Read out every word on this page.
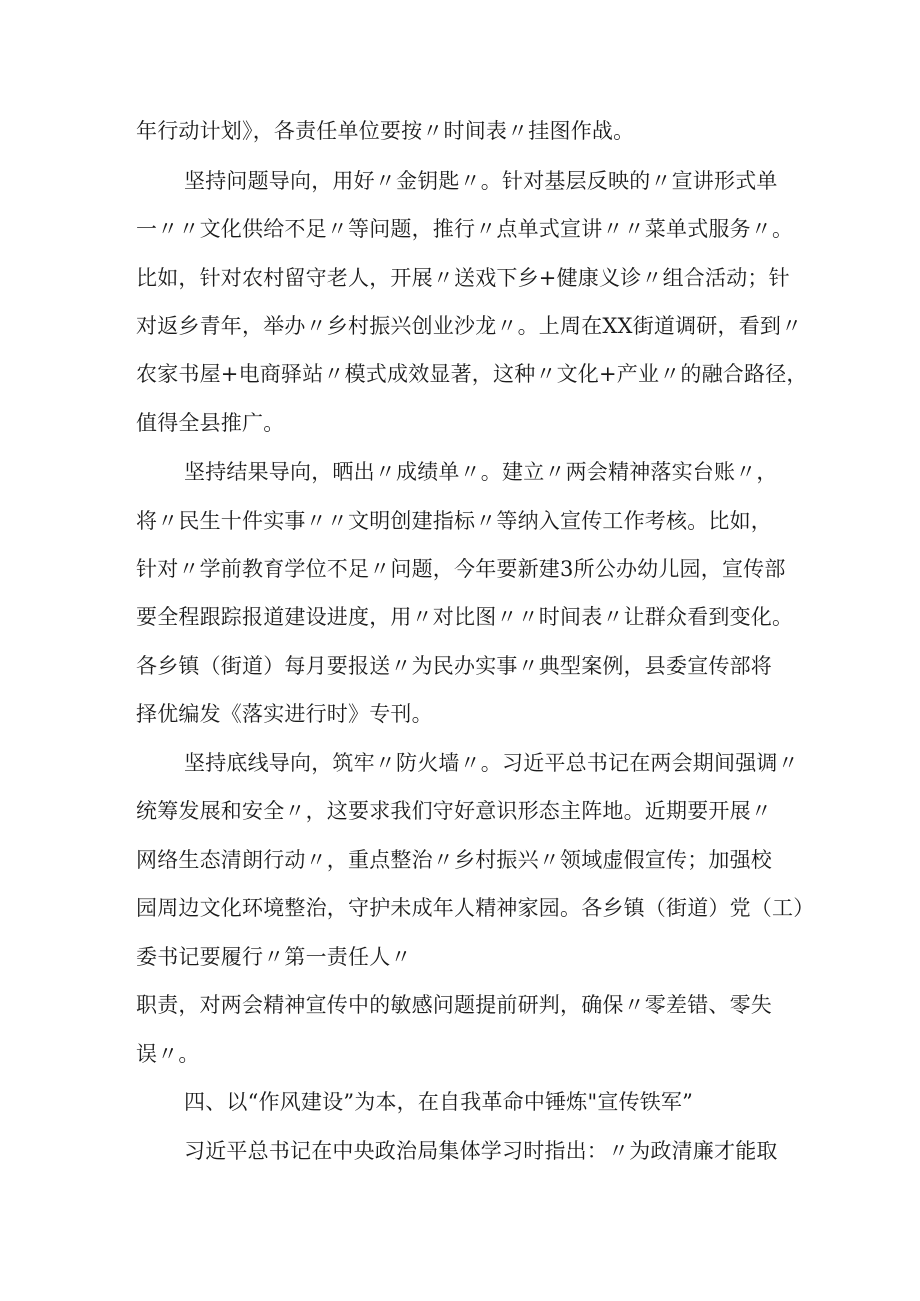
年行动计划》，各责任单位要按〃时间表〃挂图作战。
坚持问题导向，用好〃金钥匙〃。针对基层反映的〃宣讲形式单
一〃〃文化供给不足〃等问题，推行〃点单式宣讲〃〃菜单式服务〃。
比如，针对农村留守老人，开展〃送戏下乡+健康义诊〃组合活动；针
对返乡青年，举办〃乡村振兴创业沙龙〃。上周在XX街道调研，看到〃
农家书屋+电商驿站〃模式成效显著，这种〃文化+产业〃的融合路径，
值得全县推广。
坚持结果导向，晒出〃成绩单〃。建立〃两会精神落实台账〃，
将〃民生十件实事〃〃文明创建指标〃等纳入宣传工作考核。比如，
针对〃学前教育学位不足〃问题，今年要新建3所公办幼儿园，宣传部
要全程跟踪报道建设进度，用〃对比图〃〃时间表〃让群众看到变化。
各乡镇（街道）每月要报送〃为民办实事〃典型案例，县委宣传部将
择优编发《落实进行时》专刊。
坚持底线导向，筑牢〃防火墙〃。习近平总书记在两会期间强调〃
统筹发展和安全〃，这要求我们守好意识形态主阵地。近期要开展〃
网络生态清朗行动〃，重点整治〃乡村振兴〃领域虚假宣传；加强校
园周边文化环境整治，守护未成年人精神家园。各乡镇（街道）党（工）
委书记要履行〃第一责任人〃
职责，对两会精神宣传中的敏感问题提前研判，确保〃零差错、零失
误〃。
四、以“作风建设”为本，在自我革命中锤炼"宣传铁军”
习近平总书记在中央政治局集体学习时指出：〃为政清廉才能取
